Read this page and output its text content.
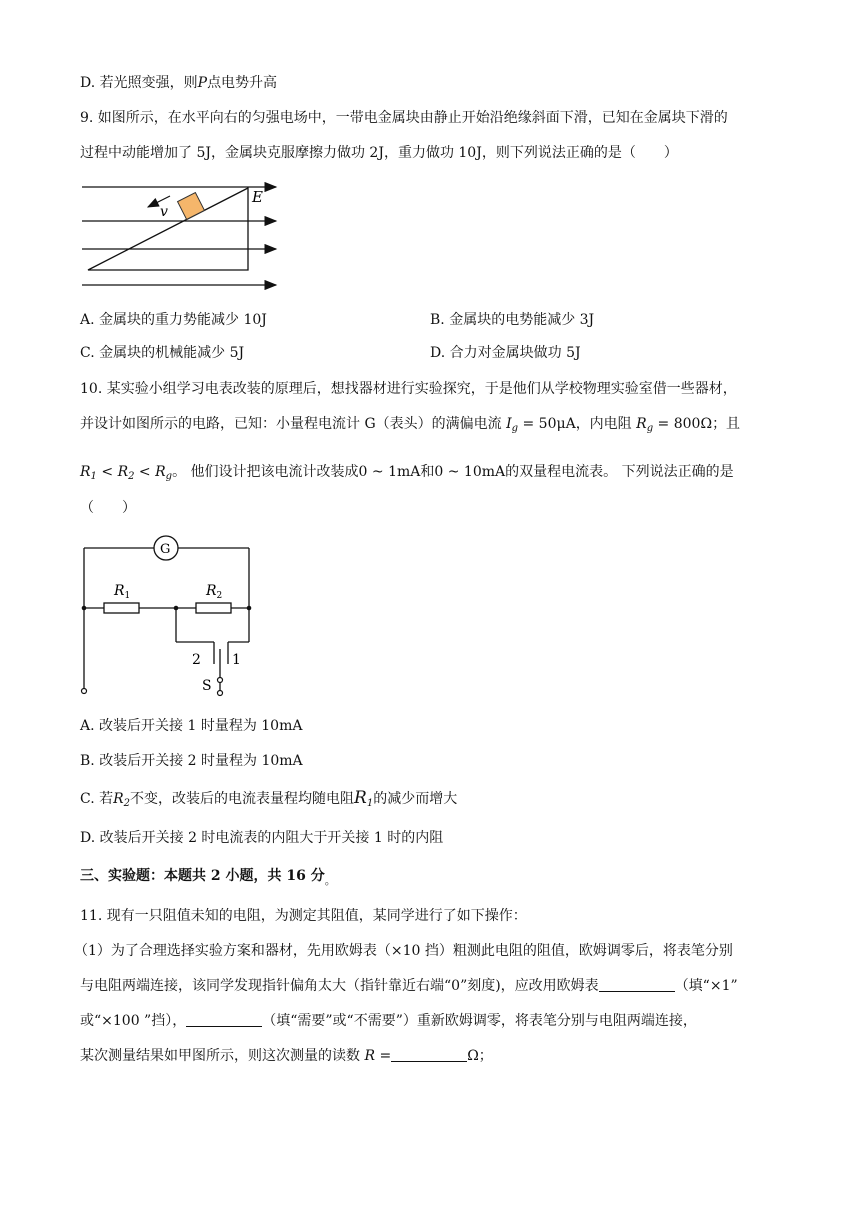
D. 若光照变强，则P点电势升高
9. 如图所示，在水平向右的匀强电场中，一带电金属块由静止开始沿绝缘斜面下滑，已知在金属块下滑的
过程中动能增加了 5J，金属块克服摩擦力做功 2J，重力做功 10J，则下列说法正确的是（　　）
v
E
A. 金属块的重力势能减少 10J	B. 金属块的电势能减少 3J
C. 金属块的机械能减少 5J	D. 合力对金属块做功 5J
10. 某实验小组学习电表改装的原理后，想找器材进行实验探究，于是他们从学校物理实验室借一些器材，
并设计如图所示的电路，已知：小量程电流计 G（表头）的满偏电流 $I_g = 50\mu A$，内电阻 $R_g = 800\Omega$；且
$R_1 < R_2 < R_g$。 他们设计把该电流计改装成0 ~ 1mA和0 ~ 10mA的双量程电流表。 下列说法正确的是
（　　）
G
$R_1$	$R_2$
2 1
S
A. 改装后开关接 1 时量程为 10mA
B. 改装后开关接 2 时量程为 10mA
C. 若$R_2$不变，改装后的电流表量程均随电阻$R_1$的减少而增大
D. 改装后开关接 2 时电流表的内阻大于开关接 1 时的内阻
三、实验题：本题共 2 小题，共 16 分$_。$
11. 现有一只阻值未知的电阻，为测定其阻值，某同学进行了如下操作：
（1）为了合理选择实验方案和器材，先用欧姆表（×10 挡）粗测此电阻的阻值，欧姆调零后，将表笔分别
与电阻两端连接，该同学发现指针偏角太大（指针靠近右端“0”刻度)，应改用欧姆表	（填“×1”
或“×100 ”挡），	（填“需要”或“不需要”）重新欧姆调零，将表笔分别与电阻两端连接，
某次测量结果如甲图所示，则这次测量的读数 R =	Ω；
